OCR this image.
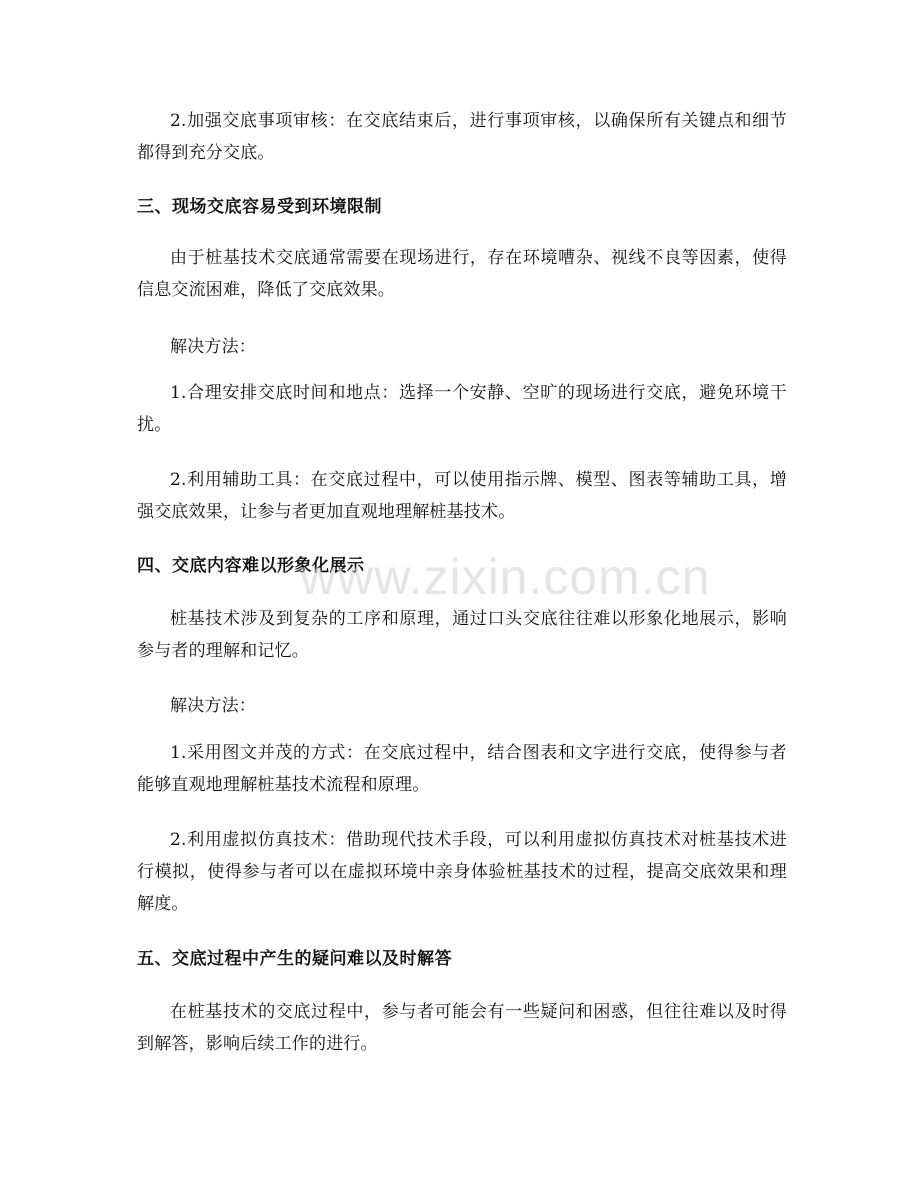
2.加强交底事项审核：在交底结束后，进行事项审核，以确保所有关键点和细节都得到充分交底。

三、现场交底容易受到环境限制

由于桩基技术交底通常需要在现场进行，存在环境嘈杂、视线不良等因素，使得信息交流困难，降低了交底效果。

解决方法：

1.合理安排交底时间和地点：选择一个安静、空旷的现场进行交底，避免环境干扰。

2.利用辅助工具：在交底过程中，可以使用指示牌、模型、图表等辅助工具，增强交底效果，让参与者更加直观地理解桩基技术。

四、交底内容难以形象化展示

桩基技术涉及到复杂的工序和原理，通过口头交底往往难以形象化地展示，影响参与者的理解和记忆。

解决方法：

1.采用图文并茂的方式：在交底过程中，结合图表和文字进行交底，使得参与者能够直观地理解桩基技术流程和原理。

2.利用虚拟仿真技术：借助现代技术手段，可以利用虚拟仿真技术对桩基技术进行模拟，使得参与者可以在虚拟环境中亲身体验桩基技术的过程，提高交底效果和理解度。

五、交底过程中产生的疑问难以及时解答

在桩基技术的交底过程中，参与者可能会有一些疑问和困惑，但往往难以及时得到解答，影响后续工作的进行。

www.zixin.com.cn
